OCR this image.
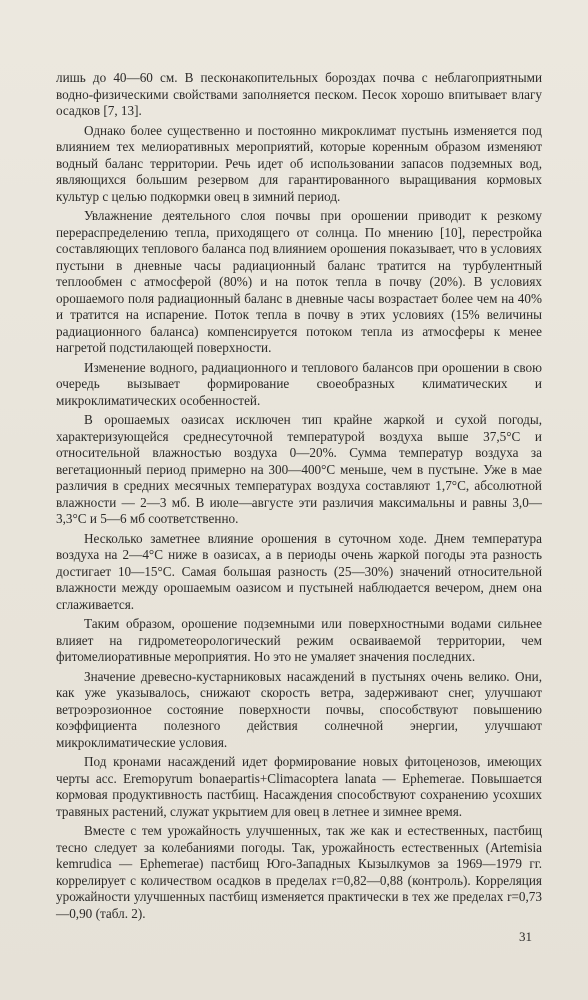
лишь до 40—60 см. В песконакопительных бороздах почва с неблагоприятными водно-физическими свойствами заполняется песком. Песок хорошо впитывает влагу осадков [7, 13].

Однако более существенно и постоянно микроклимат пустынь изменяется под влиянием тех мелиоративных мероприятий, которые коренным образом изменяют водный баланс территории. Речь идет об использовании запасов подземных вод, являющихся большим резервом для гарантированного выращивания кормовых культур с целью подкормки овец в зимний период.

Увлажнение деятельного слоя почвы при орошении приводит к резкому перераспределению тепла, приходящего от солнца. По мнению [10], перестройка составляющих теплового баланса под влиянием орошения показывает, что в условиях пустыни в дневные часы радиационный баланс тратится на турбулентный теплообмен с атмосферой (80%) и на поток тепла в почву (20%). В условиях орошаемого поля радиационный баланс в дневные часы возрастает более чем на 40% и тратится на испарение. Поток тепла в почву в этих условиях (15% величины радиационного баланса) компенсируется потоком тепла из атмосферы к менее нагретой подстилающей поверхности.

Изменение водного, радиационного и теплового балансов при орошении в свою очередь вызывает формирование своеобразных климатических и микроклиматических особенностей.

В орошаемых оазисах исключен тип крайне жаркой и сухой погоды, характеризующейся среднесуточной температурой воздуха выше 37,5°С и относительной влажностью воздуха 0—20%. Сумма температур воздуха за вегетационный период примерно на 300—400°С меньше, чем в пустыне. Уже в мае различия в средних месячных температурах воздуха составляют 1,7°С, абсолютной влажности — 2—3 мб. В июле—августе эти различия максимальны и равны 3,0—3,3°С и 5—6 мб соответственно.

Несколько заметнее влияние орошения в суточном ходе. Днем температура воздуха на 2—4°С ниже в оазисах, а в периоды очень жаркой погоды эта разность достигает 10—15°С. Самая большая разность (25—30%) значений относительной влажности между орошаемым оазисом и пустыней наблюдается вечером, днем она сглаживается.

Таким образом, орошение подземными или поверхностными водами сильнее влияет на гидрометеорологический режим осваиваемой территории, чем фитомелиоративные мероприятия. Но это не умаляет значения последних.

Значение древесно-кустарниковых насаждений в пустынях очень велико. Они, как уже указывалось, снижают скорость ветра, задерживают снег, улучшают ветроэрозионное состояние поверхности почвы, способствуют повышению коэффициента полезного действия солнечной энергии, улучшают микроклиматические условия.

Под кронами насаждений идет формирование новых фитоценозов, имеющих черты асс. Eremopyrum bonaepartis+Climacoptera lanata — Ephemerae. Повышается кормовая продуктивность пастбищ. Насаждения способствуют сохранению усохших травяных растений, служат укрытием для овец в летнее и зимнее время.

Вместе с тем урожайность улучшенных, так же как и естественных, пастбищ тесно следует за колебаниями погоды. Так, урожайность естественных (Artemisia kemrudica — Ephemerae) пастбищ Юго-Западных Кызылкумов за 1969—1979 гг. коррелирует с количеством осадков в пределах r=0,82—0,88 (контроль). Корреляция урожайности улучшенных пастбищ изменяется практически в тех же пределах r=0,73—0,90 (табл. 2).

31
